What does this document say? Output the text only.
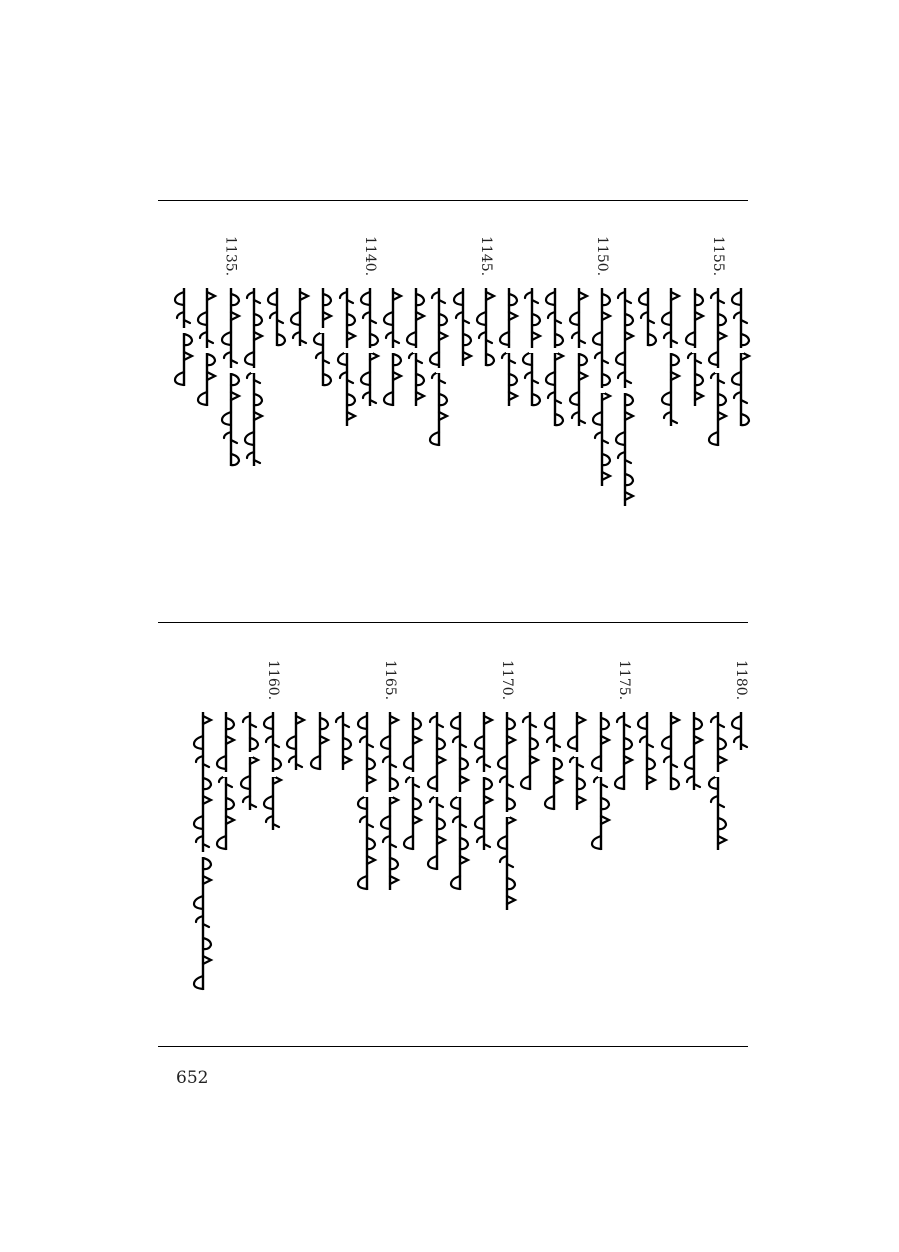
1155.
1150.
1145.
1140.
1135.
1180.
1175.
1170.
1165.
1160.
652
